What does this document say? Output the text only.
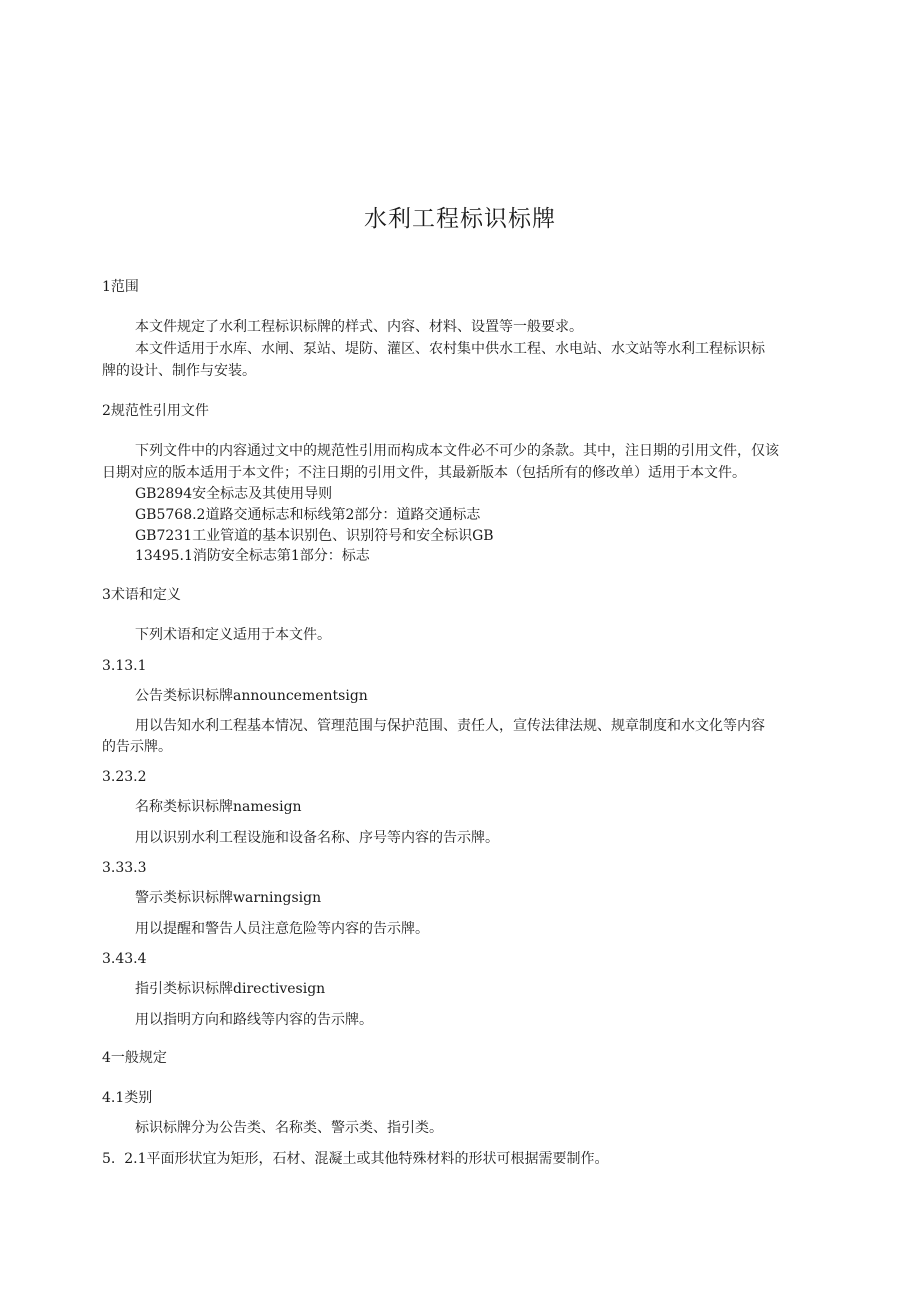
水利工程标识标牌

1范围

本文件规定了水利工程标识标牌的样式、内容、材料、设置等一般要求。

本文件适用于水库、水闸、泵站、堤防、灌区、农村集中供水工程、水电站、水文站等水利工程标识标

牌的设计、制作与安装。

2规范性引用文件

下列文件中的内容通过文中的规范性引用而构成本文件必不可少的条款。其中，注日期的引用文件，仅该

日期对应的版本适用于本文件；不注日期的引用文件，其最新版本（包括所有的修改单）适用于本文件。

GB2894安全标志及其使用导则

GB5768.2道路交通标志和标线第2部分：道路交通标志

GB7231工业管道的基本识别色、识别符号和安全标识GB

13495.1消防安全标志第1部分：标志

3术语和定义

下列术语和定义适用于本文件。

3.13.1

公告类标识标牌announcementsign

用以告知水利工程基本情况、管理范围与保护范围、责任人，宣传法律法规、规章制度和水文化等内容

的告示牌。

3.23.2

名称类标识标牌namesign

用以识别水利工程设施和设备名称、序号等内容的告示牌。

3.33.3

警示类标识标牌warningsign

用以提醒和警告人员注意危险等内容的告示牌。

3.43.4

指引类标识标牌directivesign

用以指明方向和路线等内容的告示牌。

4一般规定

4.1类别

标识标牌分为公告类、名称类、警示类、指引类。

5.  2.1平面形状宜为矩形，石材、混凝土或其他特殊材料的形状可根据需要制作。
